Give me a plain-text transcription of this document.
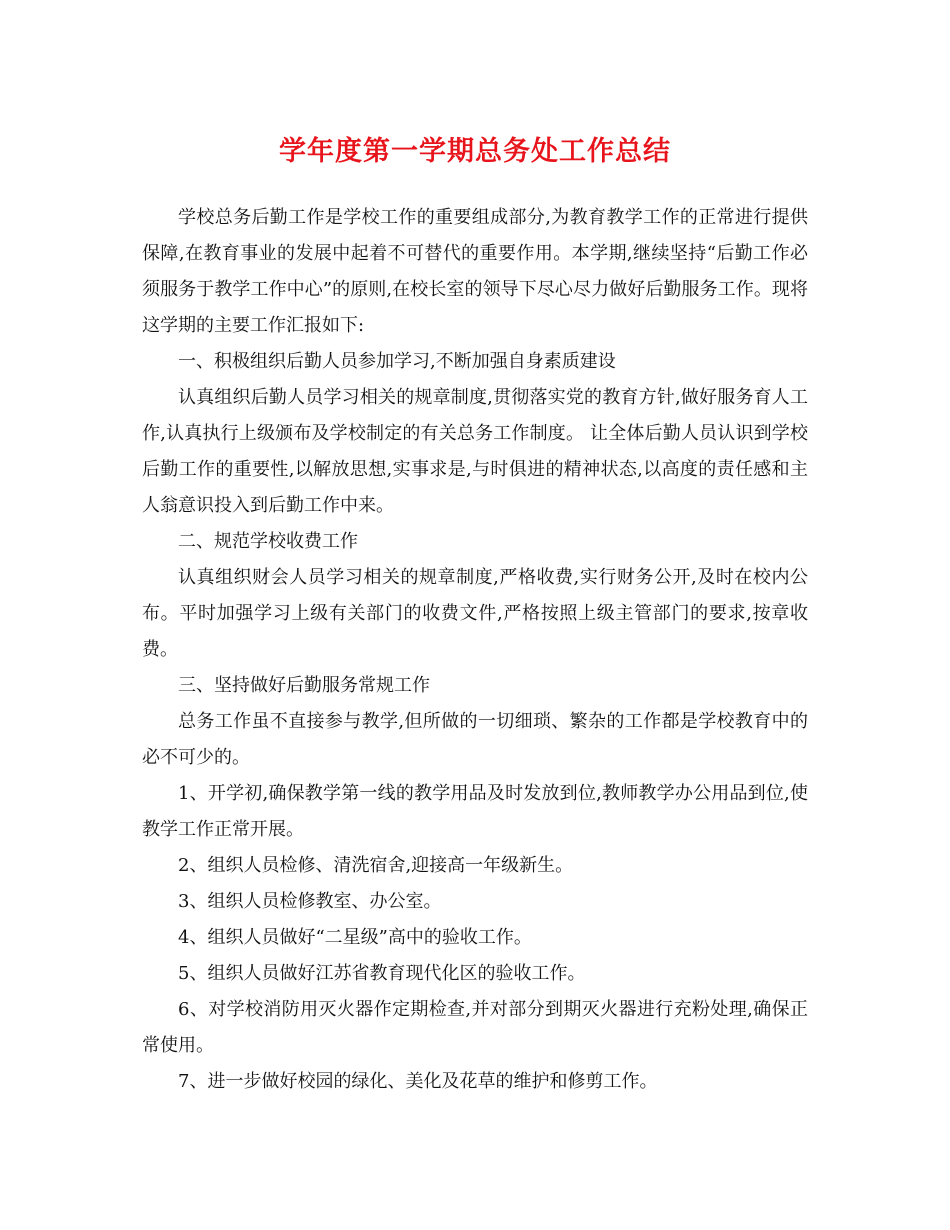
学年度第一学期总务处工作总结

学校总务后勤工作是学校工作的重要组成部分,为教育教学工作的正常进行提供保障,在教育事业的发展中起着不可替代的重要作用。本学期,继续坚持“后勤工作必须服务于教学工作中心”的原则,在校长室的领导下尽心尽力做好后勤服务工作。现将这学期的主要工作汇报如下:

一、积极组织后勤人员参加学习,不断加强自身素质建设

认真组织后勤人员学习相关的规章制度,贯彻落实党的教育方针,做好服务育人工作,认真执行上级颁布及学校制定的有关总务工作制度。 让全体后勤人员认识到学校后勤工作的重要性,以解放思想,实事求是,与时俱进的精神状态,以高度的责任感和主人翁意识投入到后勤工作中来。

二、规范学校收费工作

认真组织财会人员学习相关的规章制度,严格收费,实行财务公开,及时在校内公布。平时加强学习上级有关部门的收费文件,严格按照上级主管部门的要求,按章收费。

三、坚持做好后勤服务常规工作

总务工作虽不直接参与教学,但所做的一切细琐、繁杂的工作都是学校教育中的必不可少的。

1、开学初,确保教学第一线的教学用品及时发放到位,教师教学办公用品到位,使教学工作正常开展。

2、组织人员检修、清洗宿舍,迎接高一年级新生。

3、组织人员检修教室、办公室。

4、组织人员做好“二星级”高中的验收工作。

5、组织人员做好江苏省教育现代化区的验收工作。

6、对学校消防用灭火器作定期检查,并对部分到期灭火器进行充粉处理,确保正常使用。

7、进一步做好校园的绿化、美化及花草的维护和修剪工作。
